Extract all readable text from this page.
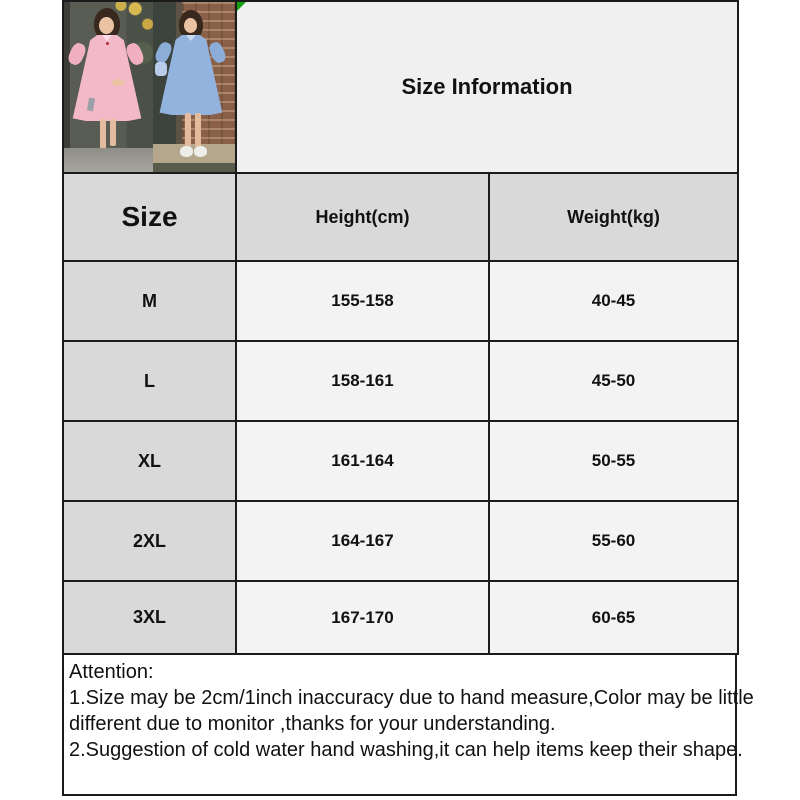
	Size Information	

Size	Height(cm)	Weight(kg)
M	155-158	40-45
L	158-161	45-50
XL	161-164	50-55
2XL	164-167	55-60
3XL	167-170	60-65
Attention:
1.Size may be 2cm/1inch inaccuracy due to hand measure,Color may be little
different due to monitor ,thanks for your understanding.
2.Suggestion of cold water hand washing,it can help items keep their shape.
